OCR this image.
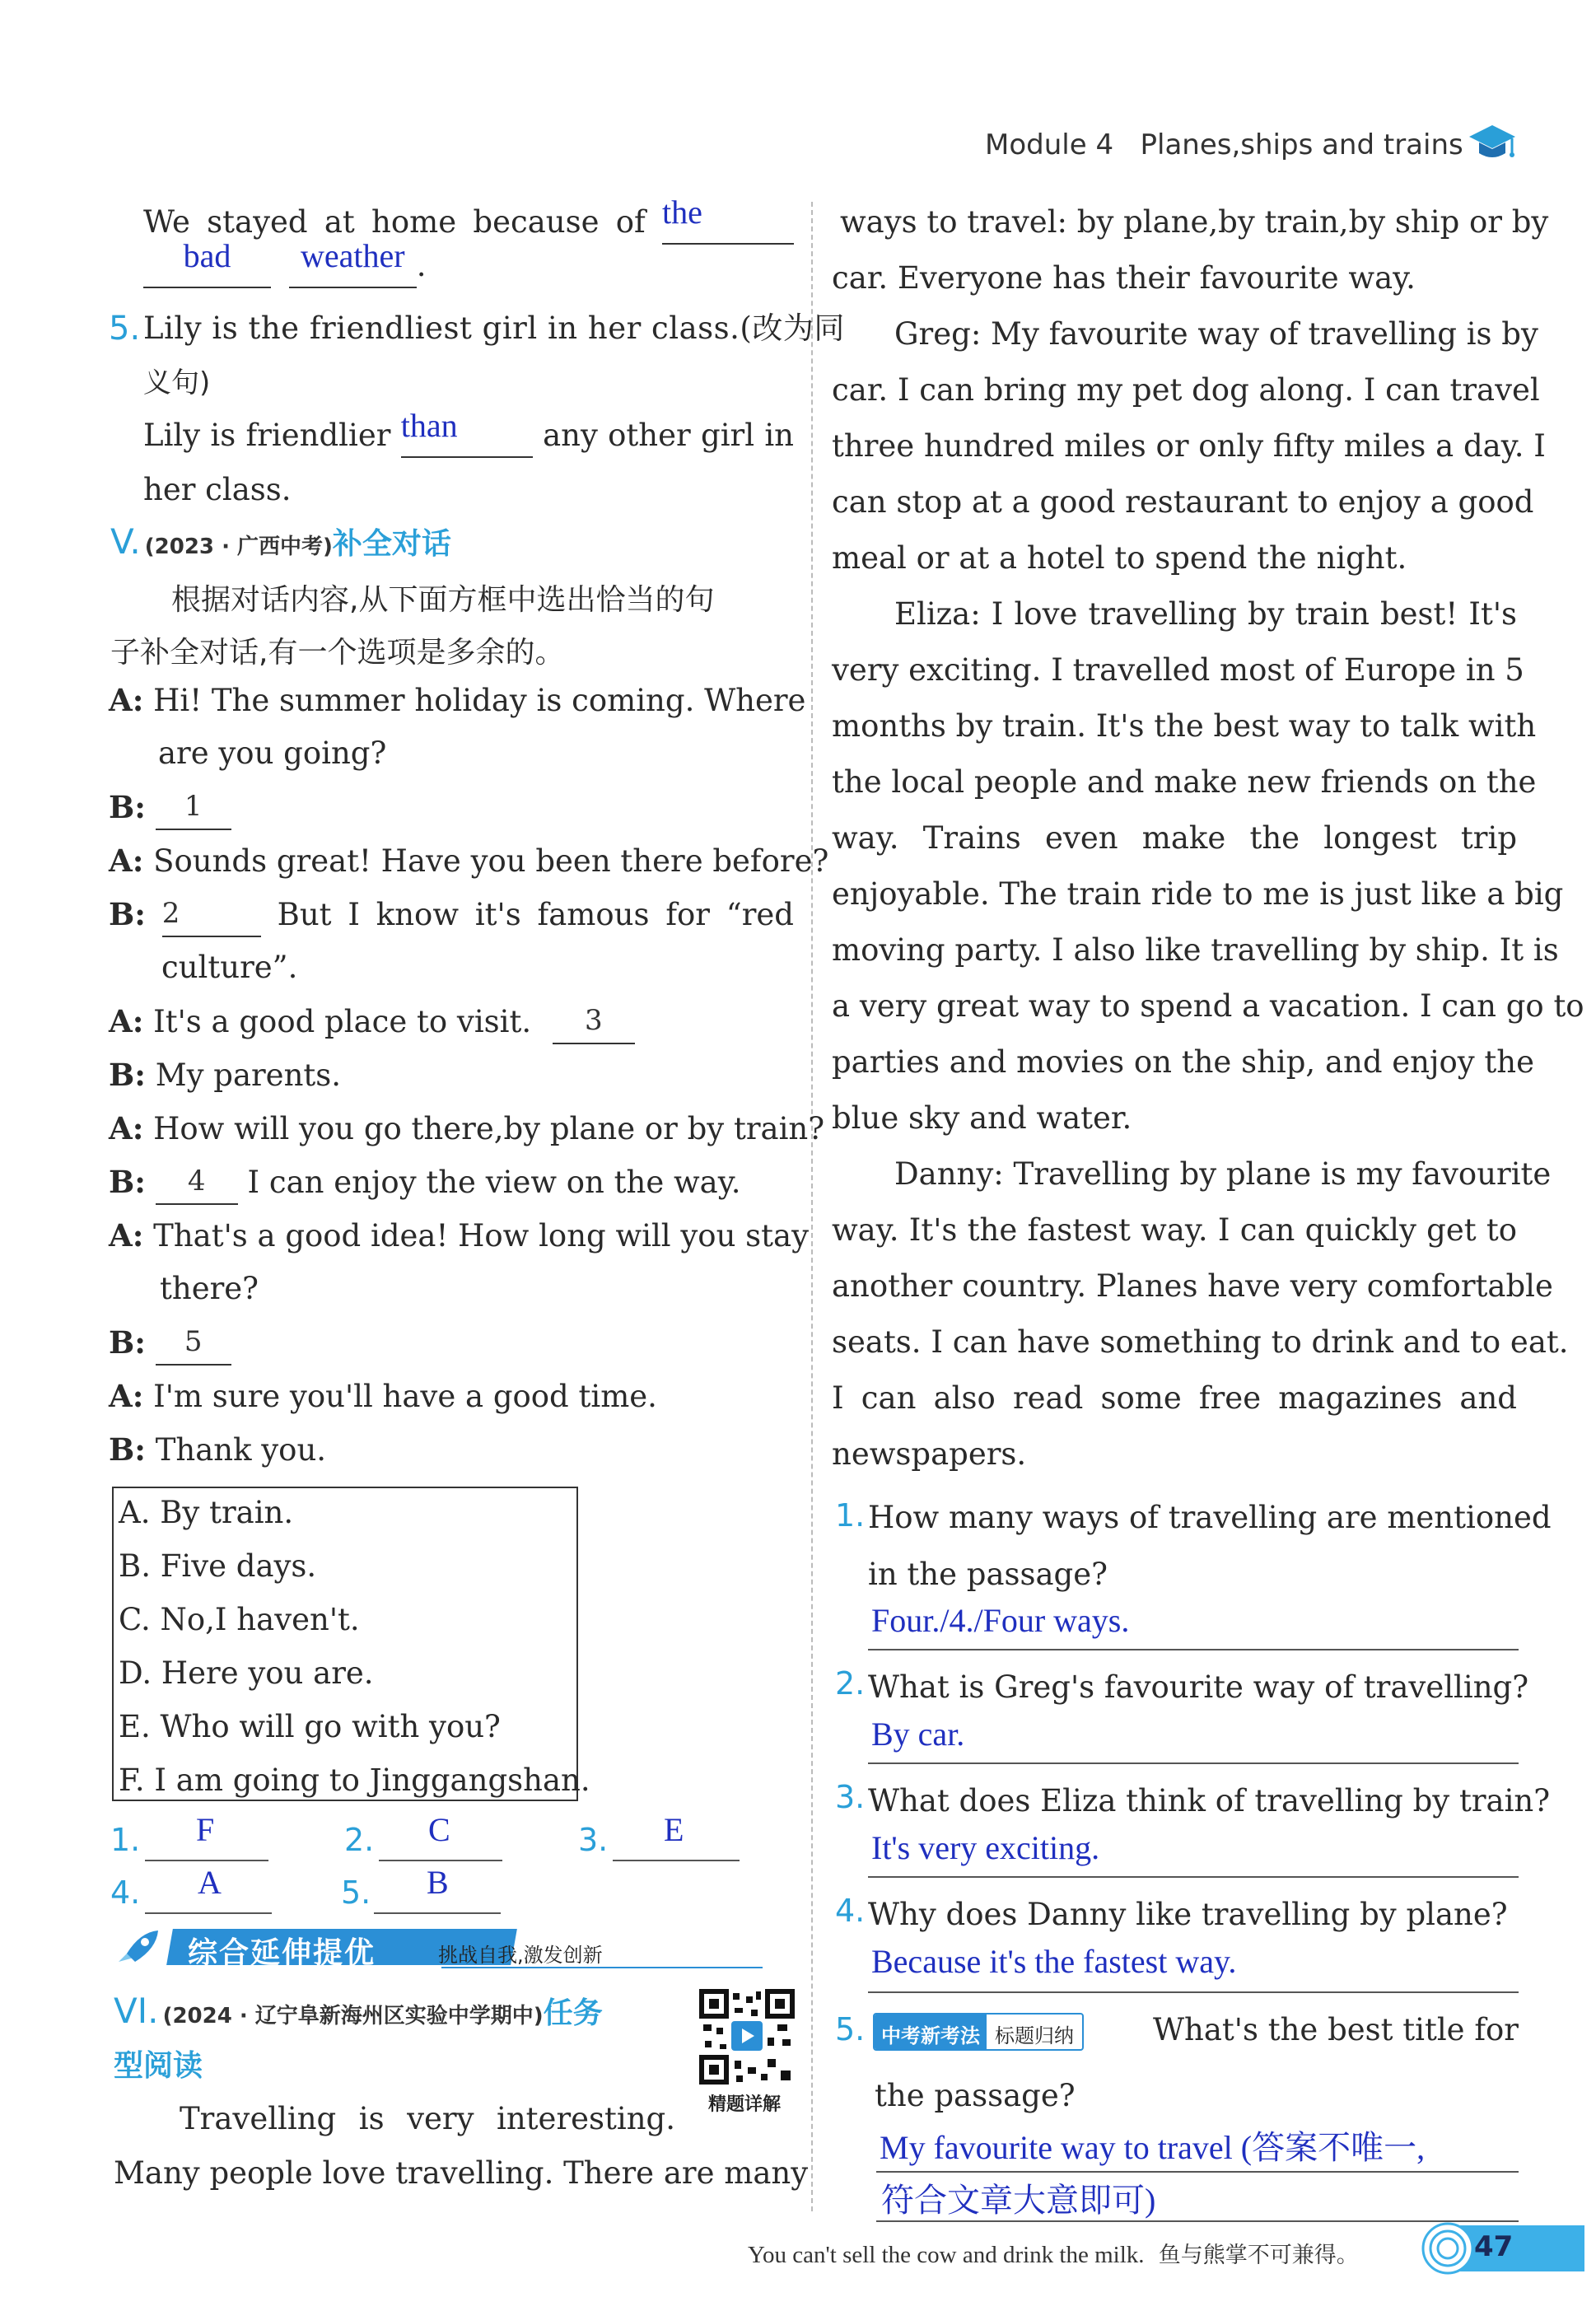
Module 4 Planes,ships and trains
We stayed at home because of the

bad
	weather .
5. Lily is the friendliest girl in her class.(改为同
义句)
Lily is friendlier than	any other girl in
her class.
V. (2023 · 广西中考)补全对话
根据对话内容,从下面方框中选出恰当的句
子补全对话,有一个选项是多余的。
A: Hi! The summer holiday is coming. Where
are you going?
B:	1

A: Sounds great! Have you been there before?
B: 2	But I know it's famous for “red
culture”.
A: It's a good place to visit.	3

B: My parents.
A: How will you go there,by plane or by train?
B:	4	I can enjoy the view on the way.
A: That's a good idea! How long will you stay
there?
B:	5

A: I'm sure you'll have a good time.
B: Thank you.
A. By train.
B. Five days.
C. No,I haven't.
D. Here you are.
E. Who will go with you?
F. I am going to Jinggangshan.
1. F	2. C	3. E
4. A	5. B
综合延伸提优	挑战自我,激发创新
VI. (2024 · 辽宁阜新海州区实验中学期中)任务
型阅读
精题详解
Travelling is very interesting.
Many people love travelling. There are many
ways to travel: by plane,by train,by ship or by
car. Everyone has their favourite way.
Greg: My favourite way of travelling is by
car. I can bring my pet dog along. I can travel
three hundred miles or only fifty miles a day. I
can stop at a good restaurant to enjoy a good
meal or at a hotel to spend the night.
Eliza: I love travelling by train best! It's
very exciting. I travelled most of Europe in 5
months by train. It's the best way to talk with
the local people and make new friends on the
way. Trains even make the longest trip
enjoyable. The train ride to me is just like a big
moving party. I also like travelling by ship. It is
a very great way to spend a vacation. I can go to
parties and movies on the ship, and enjoy the
blue sky and water.
Danny: Travelling by plane is my favourite
way. It's the fastest way. I can quickly get to
another country. Planes have very comfortable
seats. I can have something to drink and to eat.
I can also read some free magazines and
newspapers.
1. How many ways of travelling are mentioned
in the passage?
Four./4./Four ways.
2. What is Greg's favourite way of travelling?
By car.
3. What does Eliza think of travelling by train?
It's very exciting.
4. Why does Danny like travelling by plane?
Because it's the fastest way.
5. 中考新考法 标题归纳	What's the best title for
the passage?
My favourite way to travel (答案不唯一,
符合文章大意即可)
You can't sell the cow and drink the milk. 鱼与熊掌不可兼得。	47
